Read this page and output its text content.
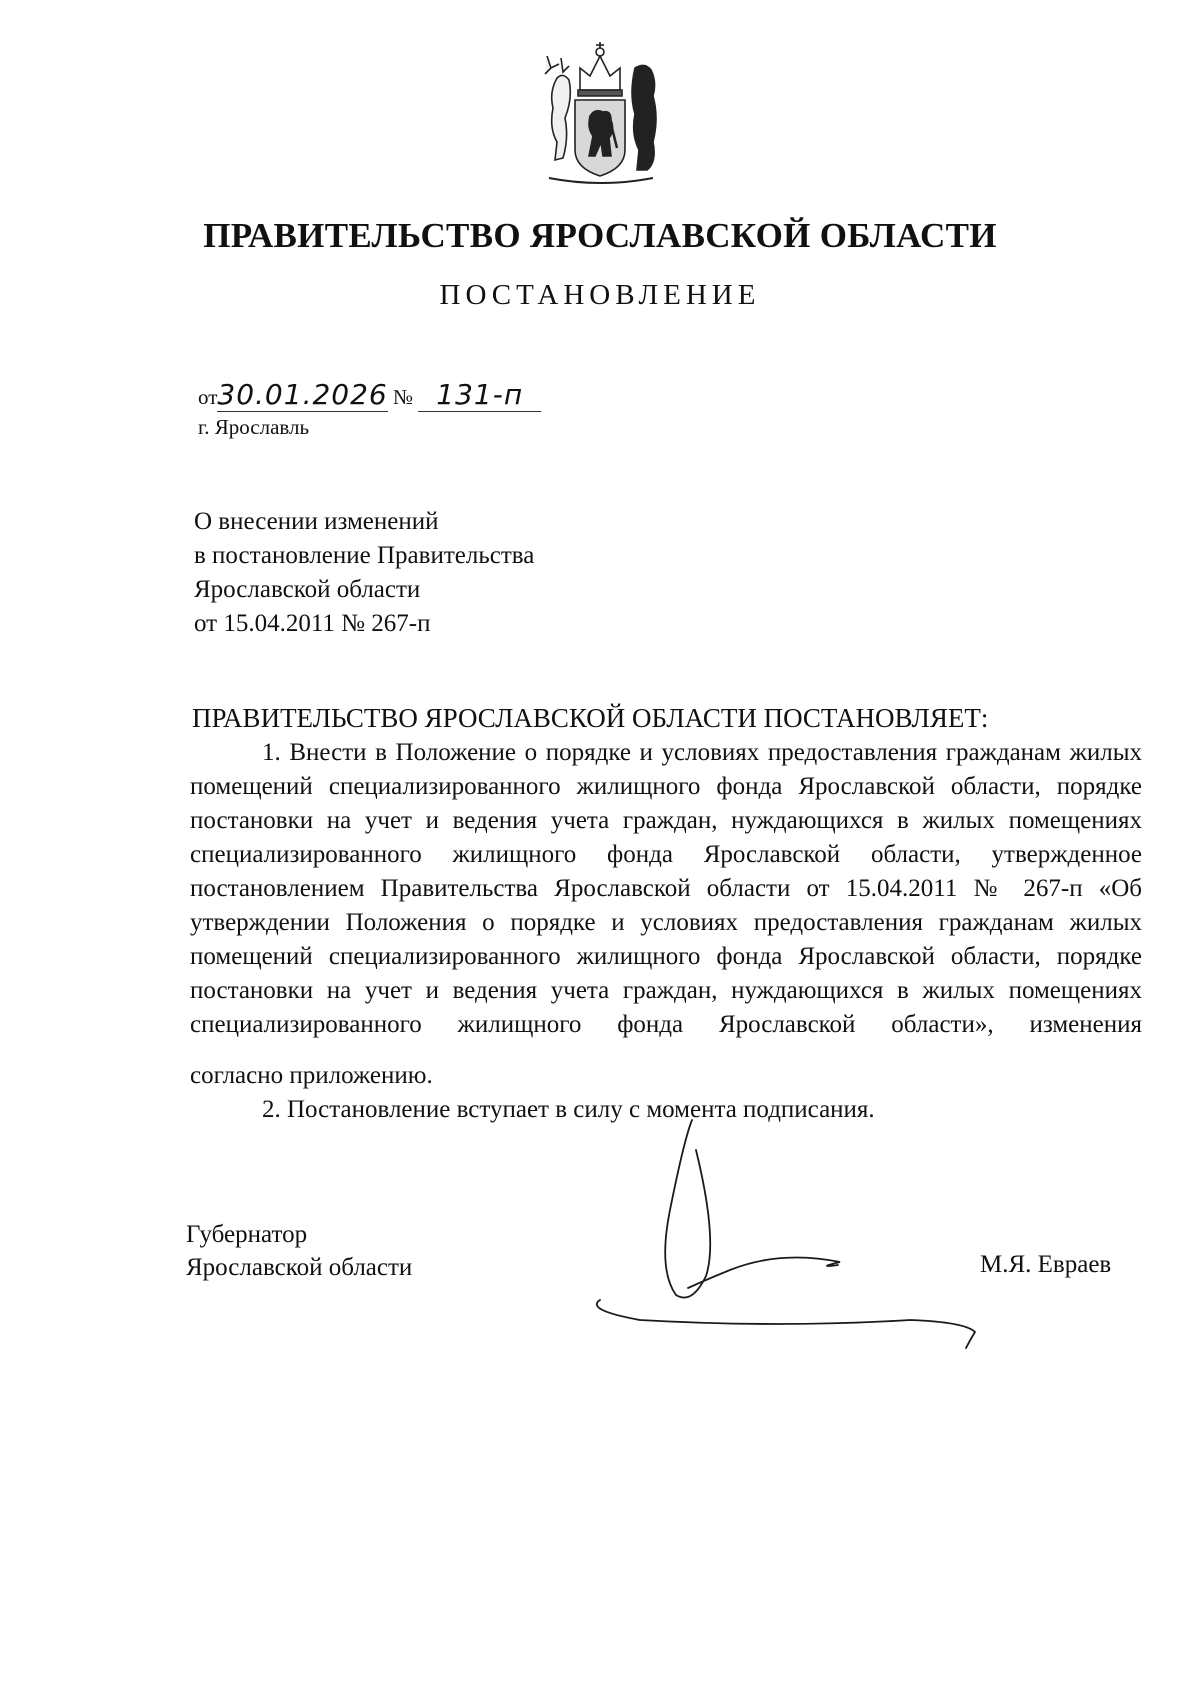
ПРАВИТЕЛЬСТВО ЯРОСЛАВСКОЙ ОБЛАСТИ
ПОСТАНОВЛЕНИЕ
от30.01.2026 № 131-п
г. Ярославль
О внесении изменений
в постановление Правительства
Ярославской области
от 15.04.2011 № 267-п
ПРАВИТЕЛЬСТВО ЯРОСЛАВСКОЙ ОБЛАСТИ ПОСТАНОВЛЯЕТ:
1. Внести в Положение о порядке и условиях предоставления гражданам жилых помещений специализированного жилищного фонда Ярославской области, порядке постановки на учет и ведения учета граждан, нуждающихся в жилых помещениях специализированного жилищного фонда Ярославской области, утвержденное постановлением Правительства Ярославской области от 15.04.2011 № 267-п «Об утверждении Положения о порядке и условиях предоставления гражданам жилых помещений специализированного жилищного фонда Ярославской области, порядке постановки на учет и ведения учета граждан, нуждающихся в жилых помещениях специализированного жилищного фонда Ярославской области», изменения
согласно приложению.
2. Постановление вступает в силу с момента подписания.
Губернатор
Ярославской области	М.Я. Евраев
